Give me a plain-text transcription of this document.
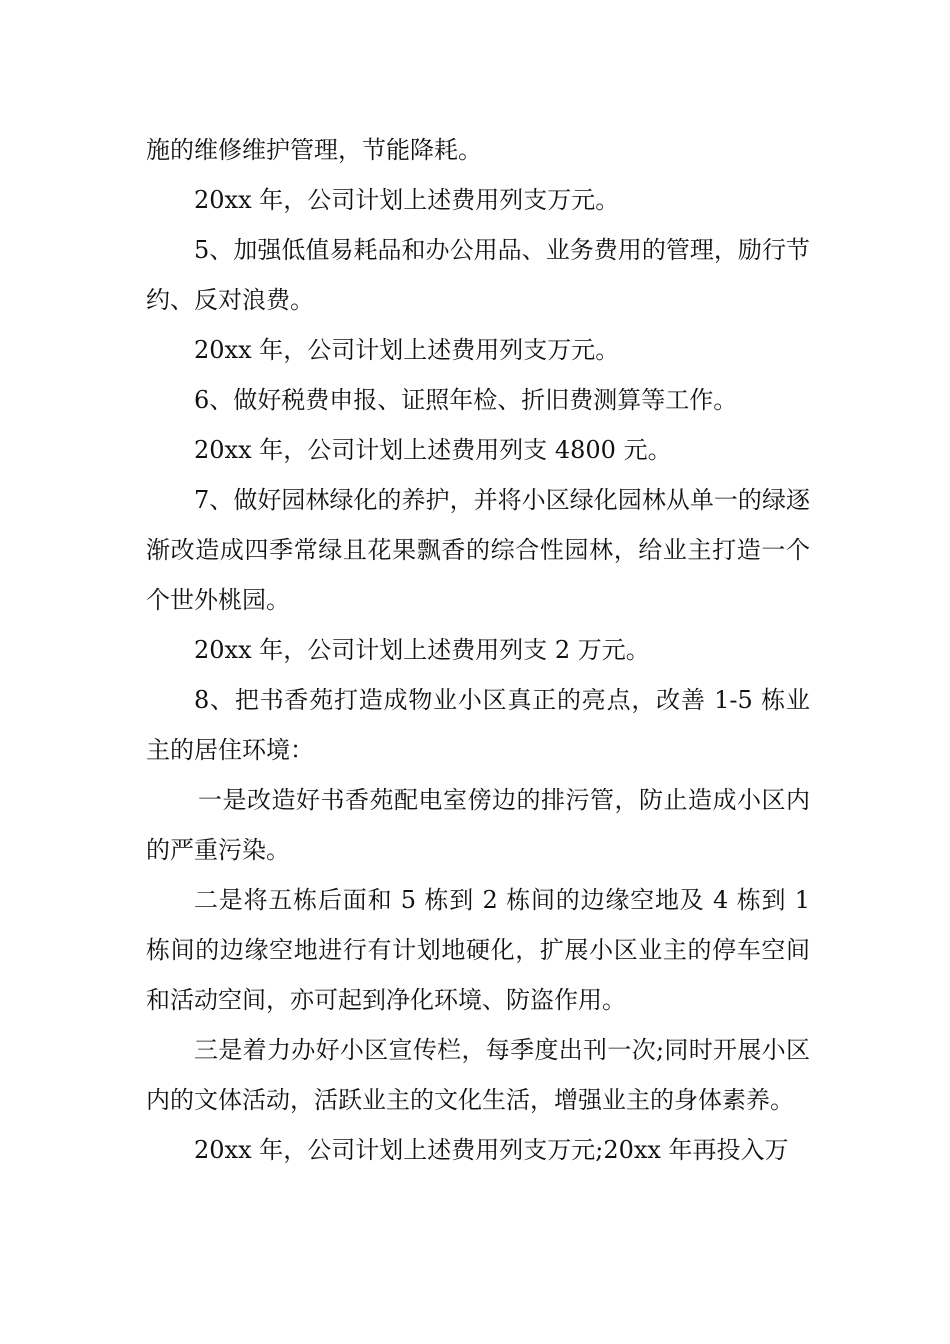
施的维修维护管理，节能降耗。

20xx 年，公司计划上述费用列支万元。

5、加强低值易耗品和办公用品、业务费用的管理，励行节约、反对浪费。

20xx 年，公司计划上述费用列支万元。

6、做好税费申报、证照年检、折旧费测算等工作。

20xx 年，公司计划上述费用列支 4800 元。

7、做好园林绿化的养护，并将小区绿化园林从单一的绿逐渐改造成四季常绿且花果飘香的综合性园林，给业主打造一个个世外桃园。

20xx 年，公司计划上述费用列支 2 万元。

8、把书香苑打造成物业小区真正的亮点，改善 1-5 栋业主的居住环境：

一是改造好书香苑配电室傍边的排污管，防止造成小区内的严重污染。

二是将五栋后面和 5 栋到 2 栋间的边缘空地及 4 栋到 1 栋间的边缘空地进行有计划地硬化，扩展小区业主的停车空间和活动空间，亦可起到净化环境、防盗作用。

三是着力办好小区宣传栏，每季度出刊一次;同时开展小区内的文体活动，活跃业主的文化生活，增强业主的身体素养。

20xx 年，公司计划上述费用列支万元;20xx 年再投入万
